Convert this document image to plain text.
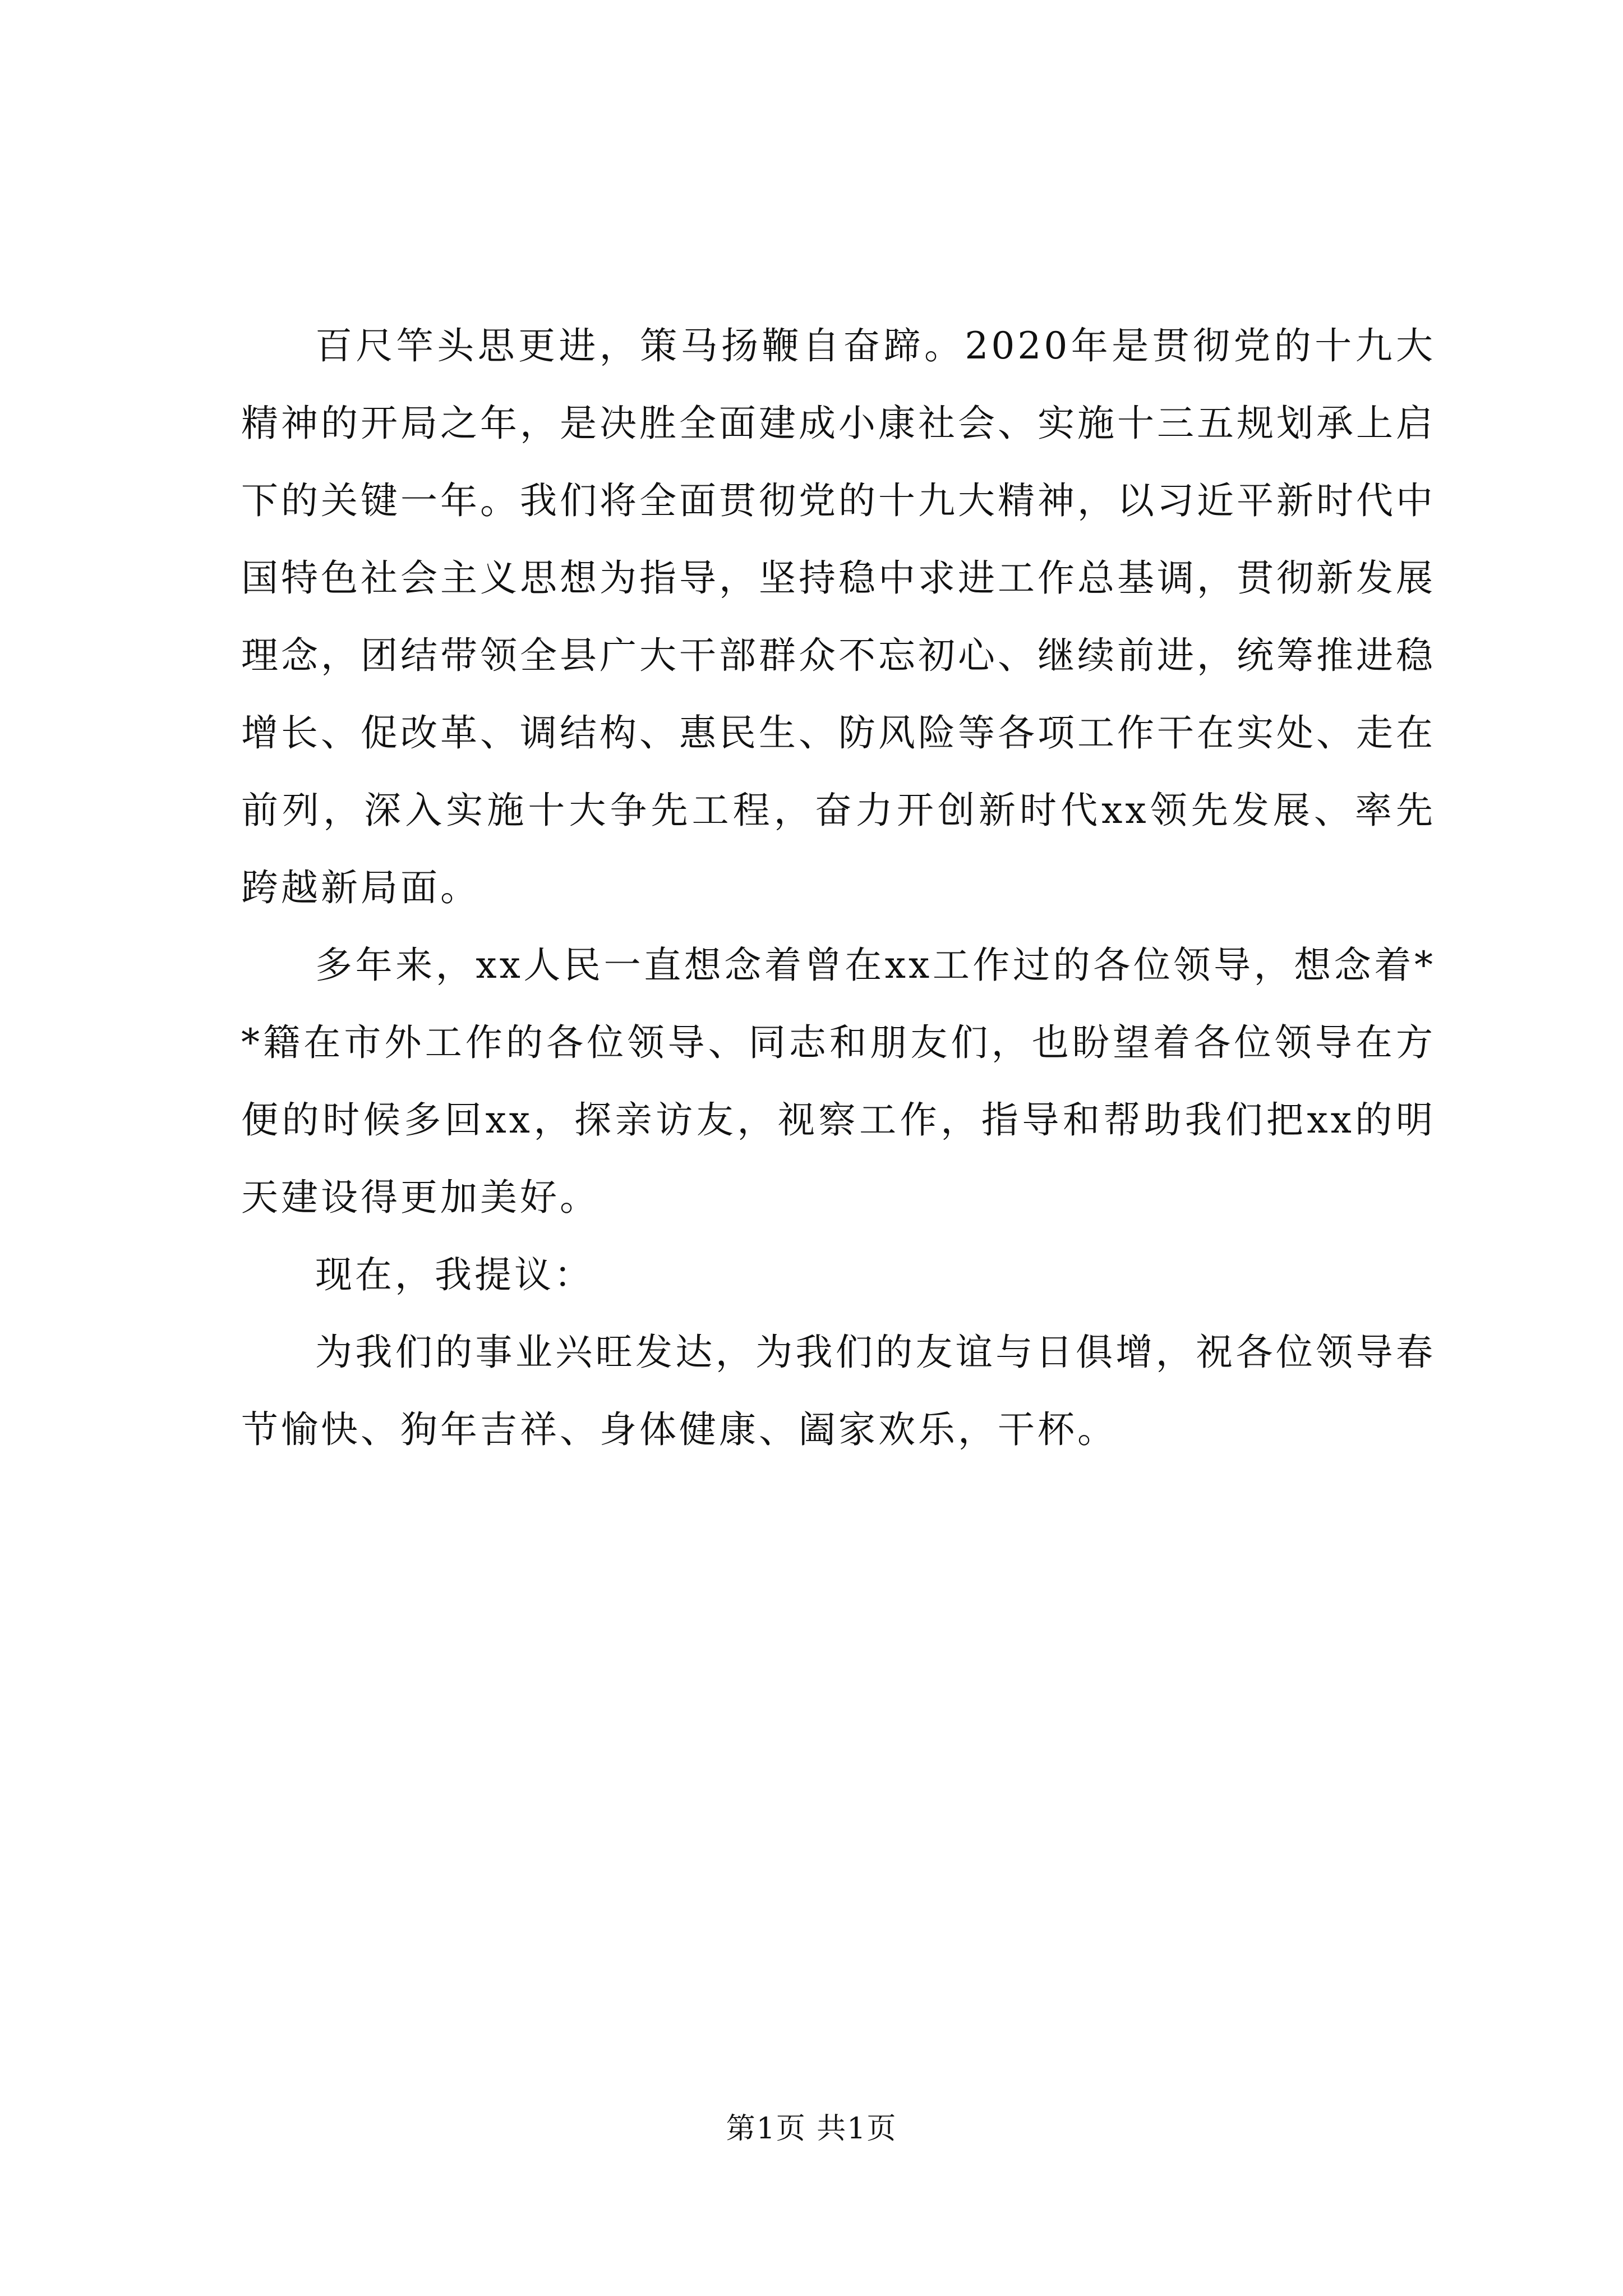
百尺竿头思更进，策马扬鞭自奋蹄。2020年是贯彻党的十九大精神的开局之年，是决胜全面建成小康社会、实施十三五规划承上启下的关键一年。我们将全面贯彻党的十九大精神，以习近平新时代中国特色社会主义思想为指导，坚持稳中求进工作总基调，贯彻新发展理念，团结带领全县广大干部群众不忘初心、继续前进，统筹推进稳增长、促改革、调结构、惠民生、防风险等各项工作干在实处、走在前列，深入实施十大争先工程，奋力开创新时代xx领先发展、率先跨越新局面。

多年来，xx人民一直想念着曾在xx工作过的各位领导，想念着**籍在市外工作的各位领导、同志和朋友们，也盼望着各位领导在方便的时候多回xx，探亲访友，视察工作，指导和帮助我们把xx的明天建设得更加美好。

现在，我提议：

为我们的事业兴旺发达，为我们的友谊与日俱增，祝各位领导春节愉快、狗年吉祥、身体健康、阖家欢乐，干杯。

第1页 共1页
